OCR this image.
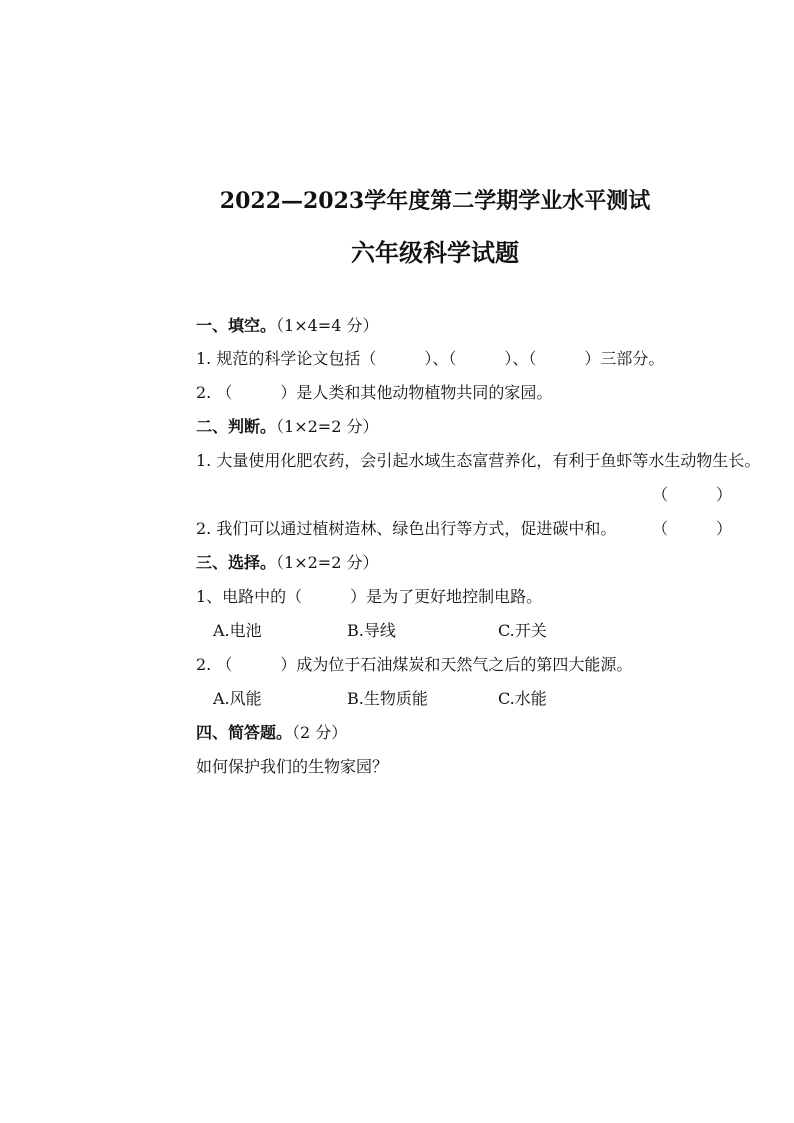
2022—2023学年度第二学期学业水平测试
六年级科学试题
一、填空。（1×4=4 分）
1. 规范的科学论文包括（　　　）、（　　　）、（　　　）三部分。
2. （　　　）是人类和其他动物植物共同的家园。
二、判断。（1×2=2 分）
1. 大量使用化肥农药，会引起水域生态富营养化，有利于鱼虾等水生动物生长。
（　　　）
2. 我们可以通过植树造林、绿色出行等方式，促进碳中和。 （　　　）
三、选择。（1×2=2 分）
1、电路中的（　　　）是为了更好地控制电路。
A.电池	B.导线	C.开关
2. （　　　）成为位于石油煤炭和天然气之后的第四大能源。
A.风能	B.生物质能	C.水能
四、简答题。（2 分）
如何保护我们的生物家园？
